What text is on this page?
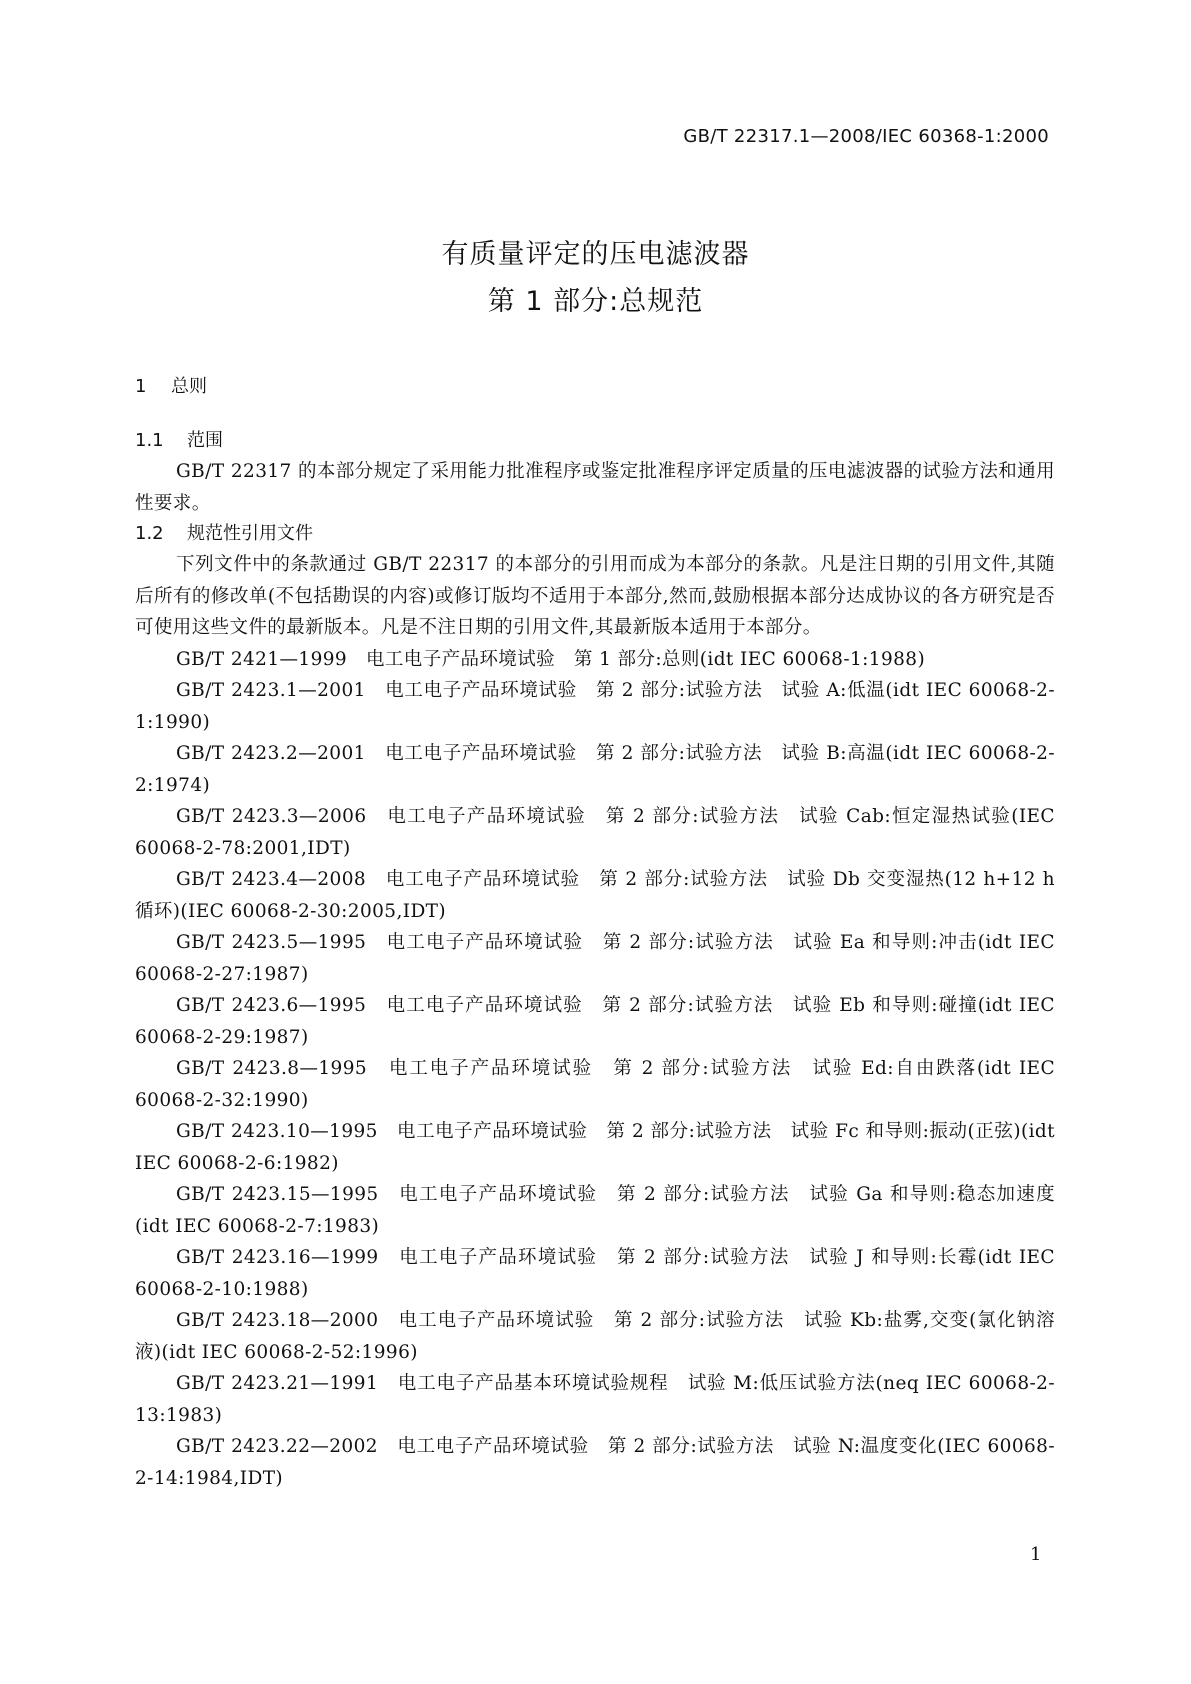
GB/T 22317.1—2008/IEC 60368-1:2000
有质量评定的压电滤波器
第 1 部分:总规范
1 总则
1.1 范围
GB/T 22317 的本部分规定了采用能力批准程序或鉴定批准程序评定质量的压电滤波器的试验方法和通用性要求。
1.2 规范性引用文件
下列文件中的条款通过 GB/T 22317 的本部分的引用而成为本部分的条款。凡是注日期的引用文件,其随后所有的修改单(不包括勘误的内容)或修订版均不适用于本部分,然而,鼓励根据本部分达成协议的各方研究是否可使用这些文件的最新版本。凡是不注日期的引用文件,其最新版本适用于本部分。
GB/T 2421—1999　电工电子产品环境试验　第 1 部分:总则(idt IEC 60068-1:1988)
GB/T 2423.1—2001　电工电子产品环境试验　第 2 部分:试验方法　试验 A:低温(idt IEC 60068-2-1:1990)
GB/T 2423.2—2001　电工电子产品环境试验　第 2 部分:试验方法　试验 B:高温(idt IEC 60068-2-2:1974)
GB/T 2423.3—2006　电工电子产品环境试验　第 2 部分:试验方法　试验 Cab:恒定湿热试验(IEC 60068-2-78:2001,IDT)
GB/T 2423.4—2008　电工电子产品环境试验　第 2 部分:试验方法　试验 Db 交变湿热(12 h+12 h 循环)(IEC 60068-2-30:2005,IDT)
GB/T 2423.5—1995　电工电子产品环境试验　第 2 部分:试验方法　试验 Ea 和导则:冲击(idt IEC 60068-2-27:1987)
GB/T 2423.6—1995　电工电子产品环境试验　第 2 部分:试验方法　试验 Eb 和导则:碰撞(idt IEC 60068-2-29:1987)
GB/T 2423.8—1995　电工电子产品环境试验　第 2 部分:试验方法　试验 Ed:自由跌落(idt IEC 60068-2-32:1990)
GB/T 2423.10—1995　电工电子产品环境试验　第 2 部分:试验方法　试验 Fc 和导则:振动(正弦)(idt IEC 60068-2-6:1982)
GB/T 2423.15—1995　电工电子产品环境试验　第 2 部分:试验方法　试验 Ga 和导则:稳态加速度(idt IEC 60068-2-7:1983)
GB/T 2423.16—1999　电工电子产品环境试验　第 2 部分:试验方法　试验 J 和导则:长霉(idt IEC 60068-2-10:1988)
GB/T 2423.18—2000　电工电子产品环境试验　第 2 部分:试验方法　试验 Kb:盐雾,交变(氯化钠溶液)(idt IEC 60068-2-52:1996)
GB/T 2423.21—1991　电工电子产品基本环境试验规程　试验 M:低压试验方法(neq IEC 60068-2-13:1983)
GB/T 2423.22—2002　电工电子产品环境试验　第 2 部分:试验方法　试验 N:温度变化(IEC 60068-2-14:1984,IDT)
1
